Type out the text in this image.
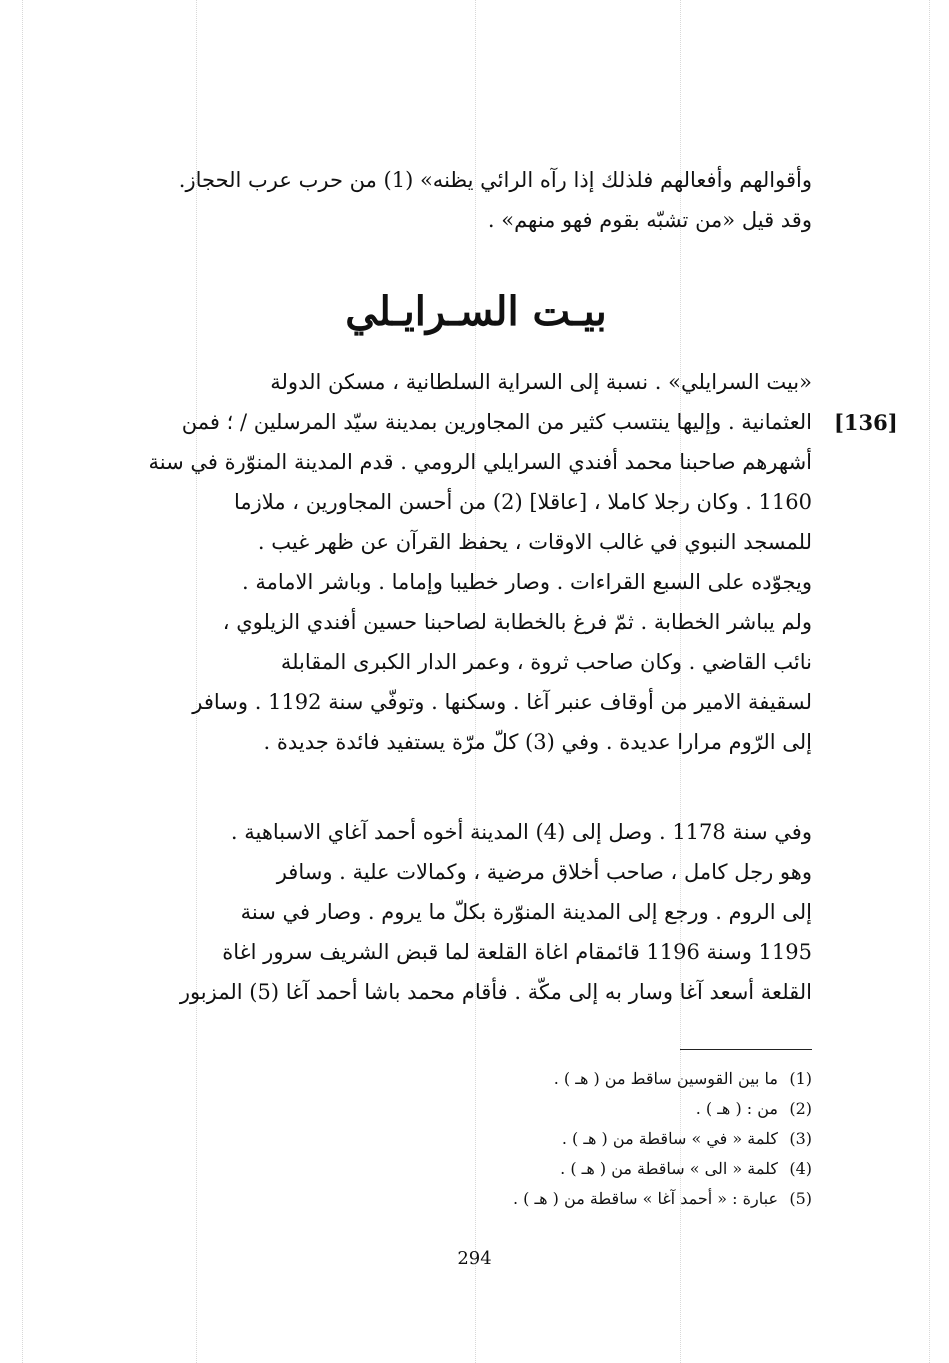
وأقوالهم وأفعالهم فلذلك إذا رآه الرائي يظنه» (1) من حرب عرب الحجاز.
وقد قيل «من تشبّه بقوم فهو منهم» .
بيـت السـرايـلي
[136]
«بيت السرايلي» . نسبة إلى السراية السلطانية ، مسكن الدولة
العثمانية . وإليها ينتسب كثير من المجاورين بمدينة سيّد المرسلين / ؛ فمن
أشهرهم صاحبنا محمد أفندي السرايلي الرومي . قدم المدينة المنوّرة في سنة
1160 . وكان رجلا كاملا ، [عاقلا] (2) من أحسن المجاورين ، ملازما
للمسجد النبوي في غالب الاوقات ، يحفظ القرآن عن ظهر غيب .
ويجوّده على السبع القراءات . وصار خطيبا وإماما . وباشر الامامة .
ولم يباشر الخطابة . ثمّ فرغ بالخطابة لصاحبنا حسين أفندي الزيلوي ،
نائب القاضي . وكان صاحب ثروة ، وعمر الدار الكبرى المقابلة
لسقيفة الامير من أوقاف عنبر آغا . وسكنها . وتوفّي سنة 1192 . وسافر
إلى الرّوم مرارا عديدة . وفي (3) كلّ مرّة يستفيد فائدة جديدة .
وفي سنة 1178 . وصل إلى (4) المدينة أخوه أحمد آغاي الاسباهية .
وهو رجل كامل ، صاحب أخلاق مرضية ، وكمالات علية . وسافر
إلى الروم . ورجع إلى المدينة المنوّرة بكلّ ما يروم . وصار في سنة
1195 وسنة 1196 قائمقام اغاة القلعة لما قبض الشريف سرور اغاة
القلعة أسعد آغا وسار به إلى مكّة . فأقام محمد باشا أحمد آغا (5) المزبور
(1)
ما بين القوسين ساقط من ( هـ ) .
(2)
من : ( هـ ) .
(3)
كلمة « في » ساقطة من ( هـ ) .
(4)
كلمة « الى » ساقطة من ( هـ ) .
(5)
عبارة : « أحمد آغا » ساقطة من ( هـ ) .
294
